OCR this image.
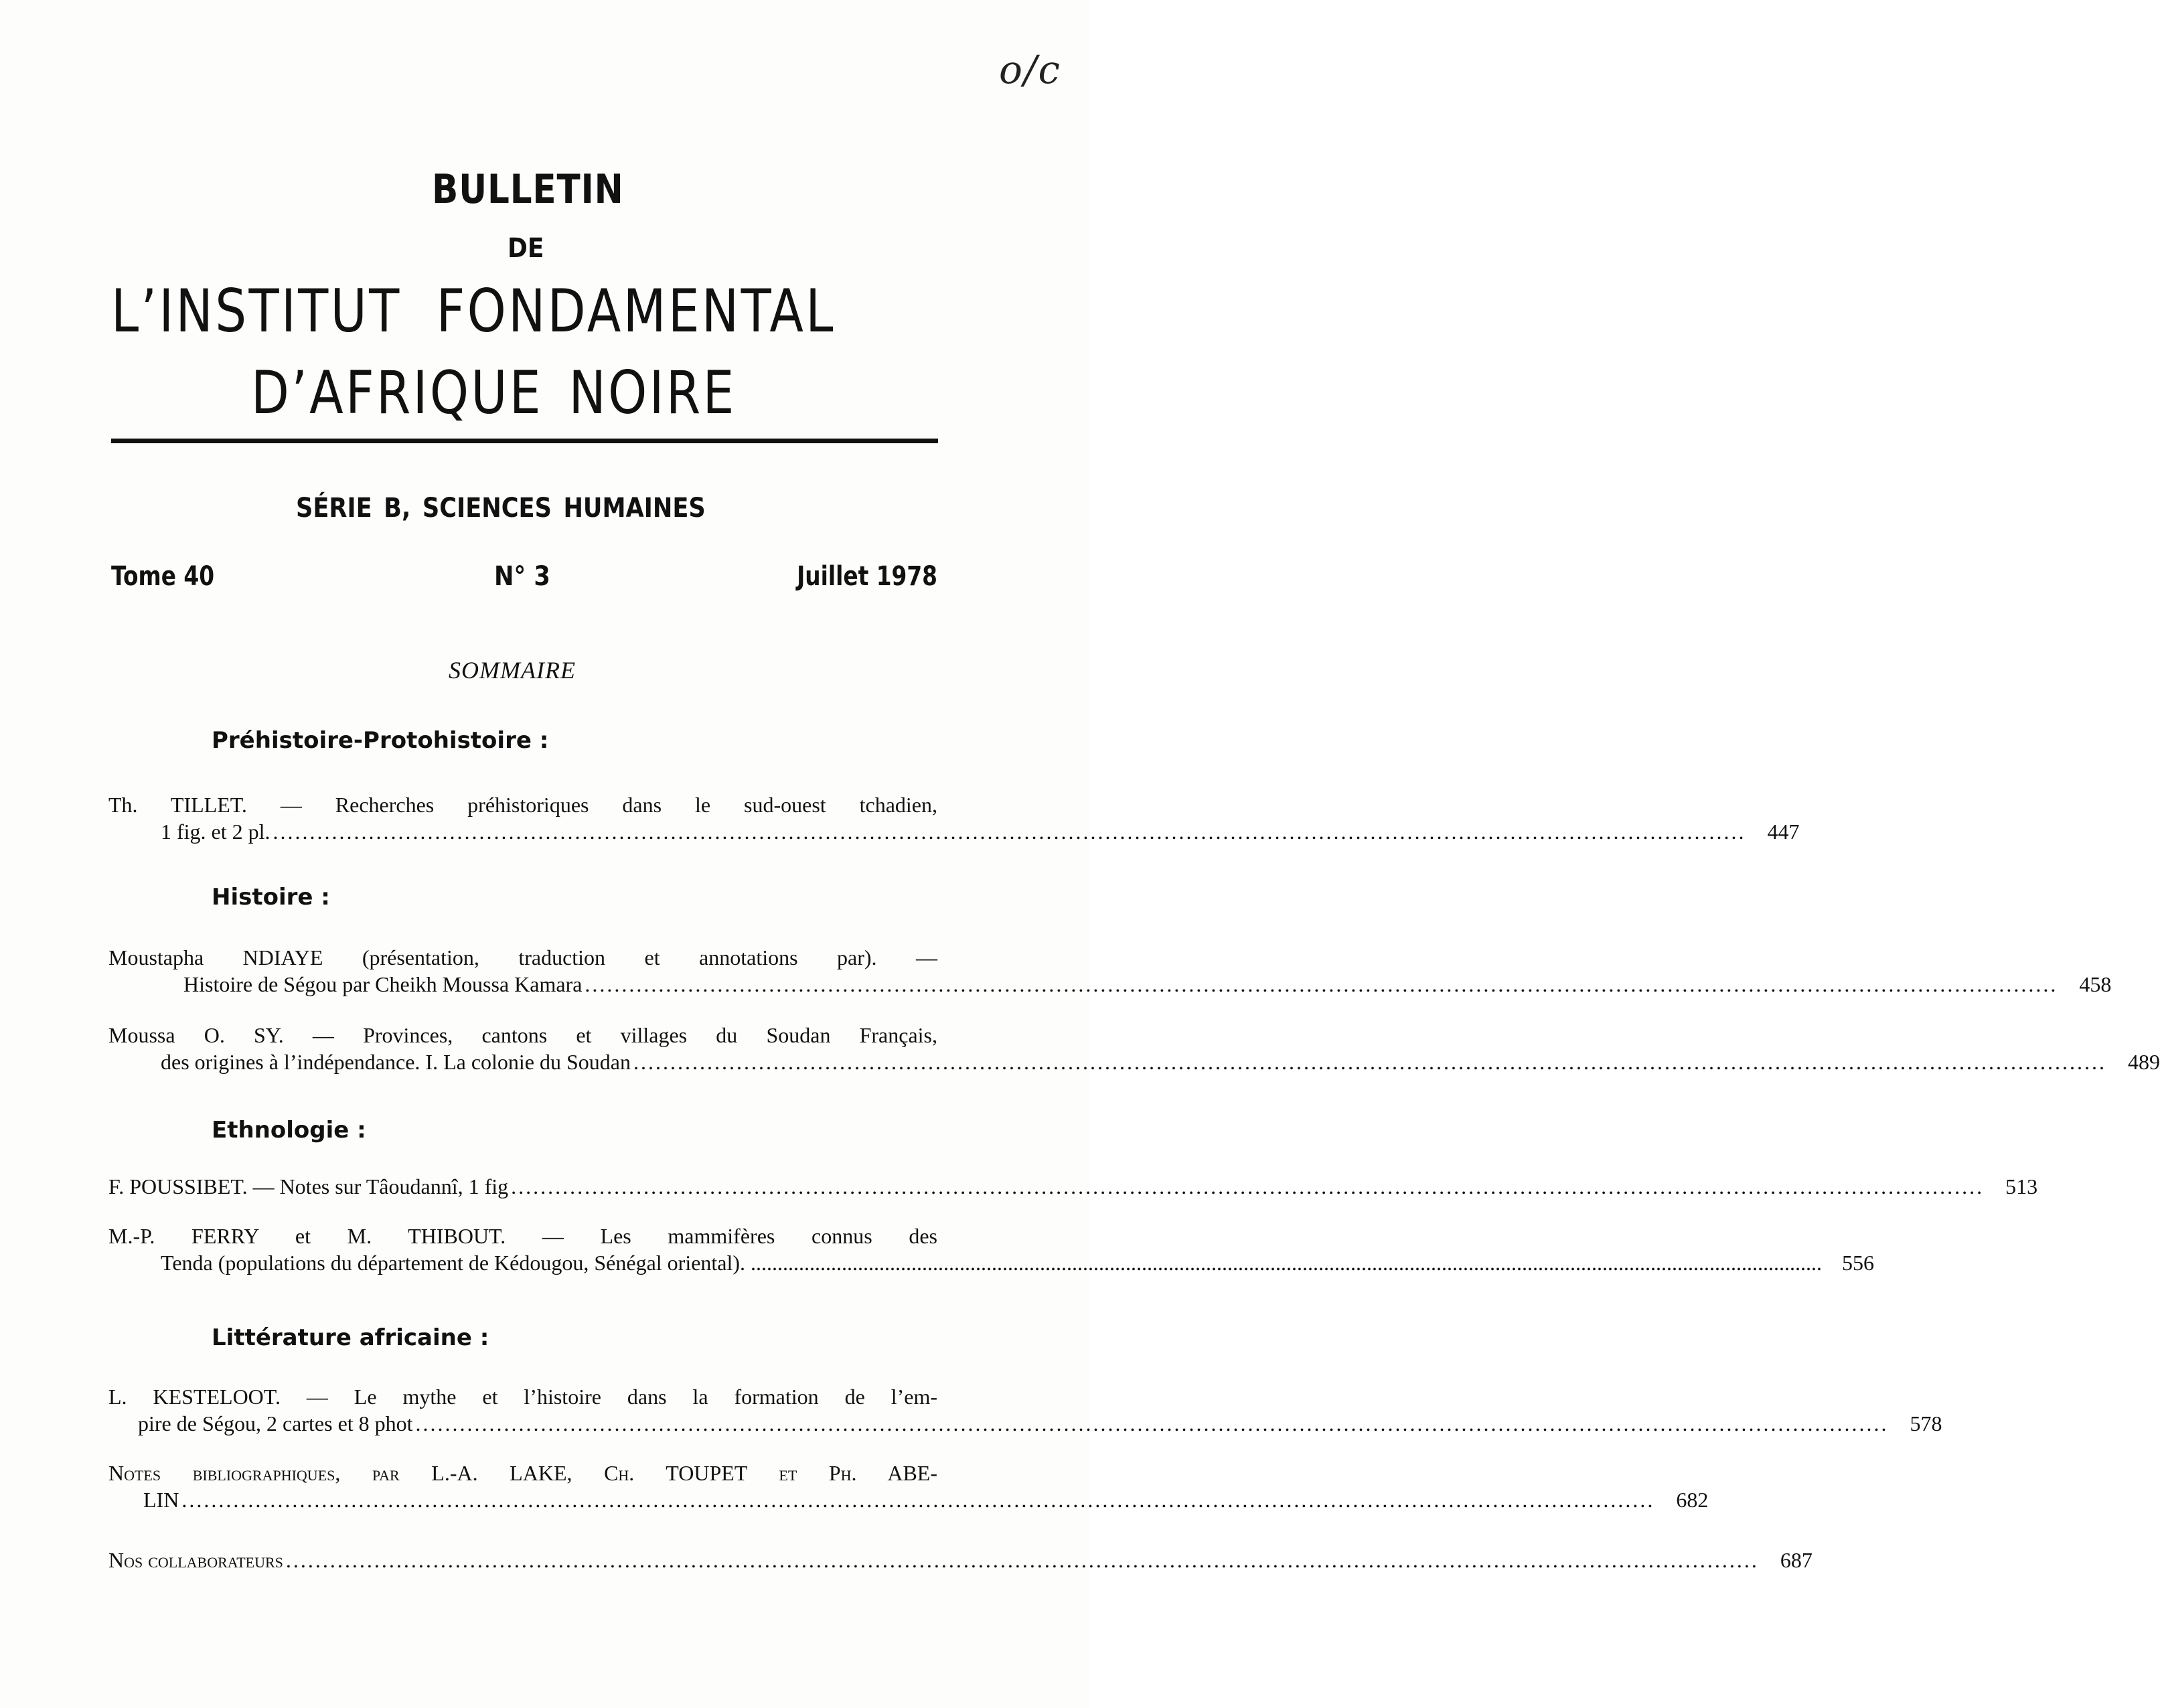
o/c
BULLETIN
DE
L’INSTITUT FONDAMENTAL
D’AFRIQUE NOIRE
SÉRIE B, SCIENCES HUMAINES
Tome 40	N° 3	Juillet 1978
SOMMAIRE
Préhistoire-Protohistoire :
Th. TILLET. — Recherches préhistoriques dans le sud-ouest tchadien,
1 fig. et 2 pl. ........................................................................................................................................................................................................	447
Histoire :
Moustapha NDIAYE (présentation, traduction et annotations par). —
Histoire de Ségou par Cheikh Moussa Kamara ........................................................................................................................................................................................................	458
Moussa O. SY. — Provinces, cantons et villages du Soudan Français,
des origines à l’indépendance. I. La colonie du Soudan ........................................................................................................................................................................................................	489
Ethnologie :
F. POUSSIBET. — Notes sur Tâoudannî, 1 fig ........................................................................................................................................................................................................	513
M.-P. FERRY et M. THIBOUT. — Les mammifères connus des
Tenda (populations du département de Kédougou, Sénégal oriental). ........................................................................................................................................................................................................ 556
Littérature africaine :
L. KESTELOOT. — Le mythe et l’histoire dans la formation de l’em-
pire de Ségou, 2 cartes et 8 phot ........................................................................................................................................................................................................	578
Notes bibliographiques, par L.-A. LAKE, Ch. TOUPET et Ph. ABE-
LIN ........................................................................................................................................................................................................	682
Nos collaborateurs ........................................................................................................................................................................................................	687
